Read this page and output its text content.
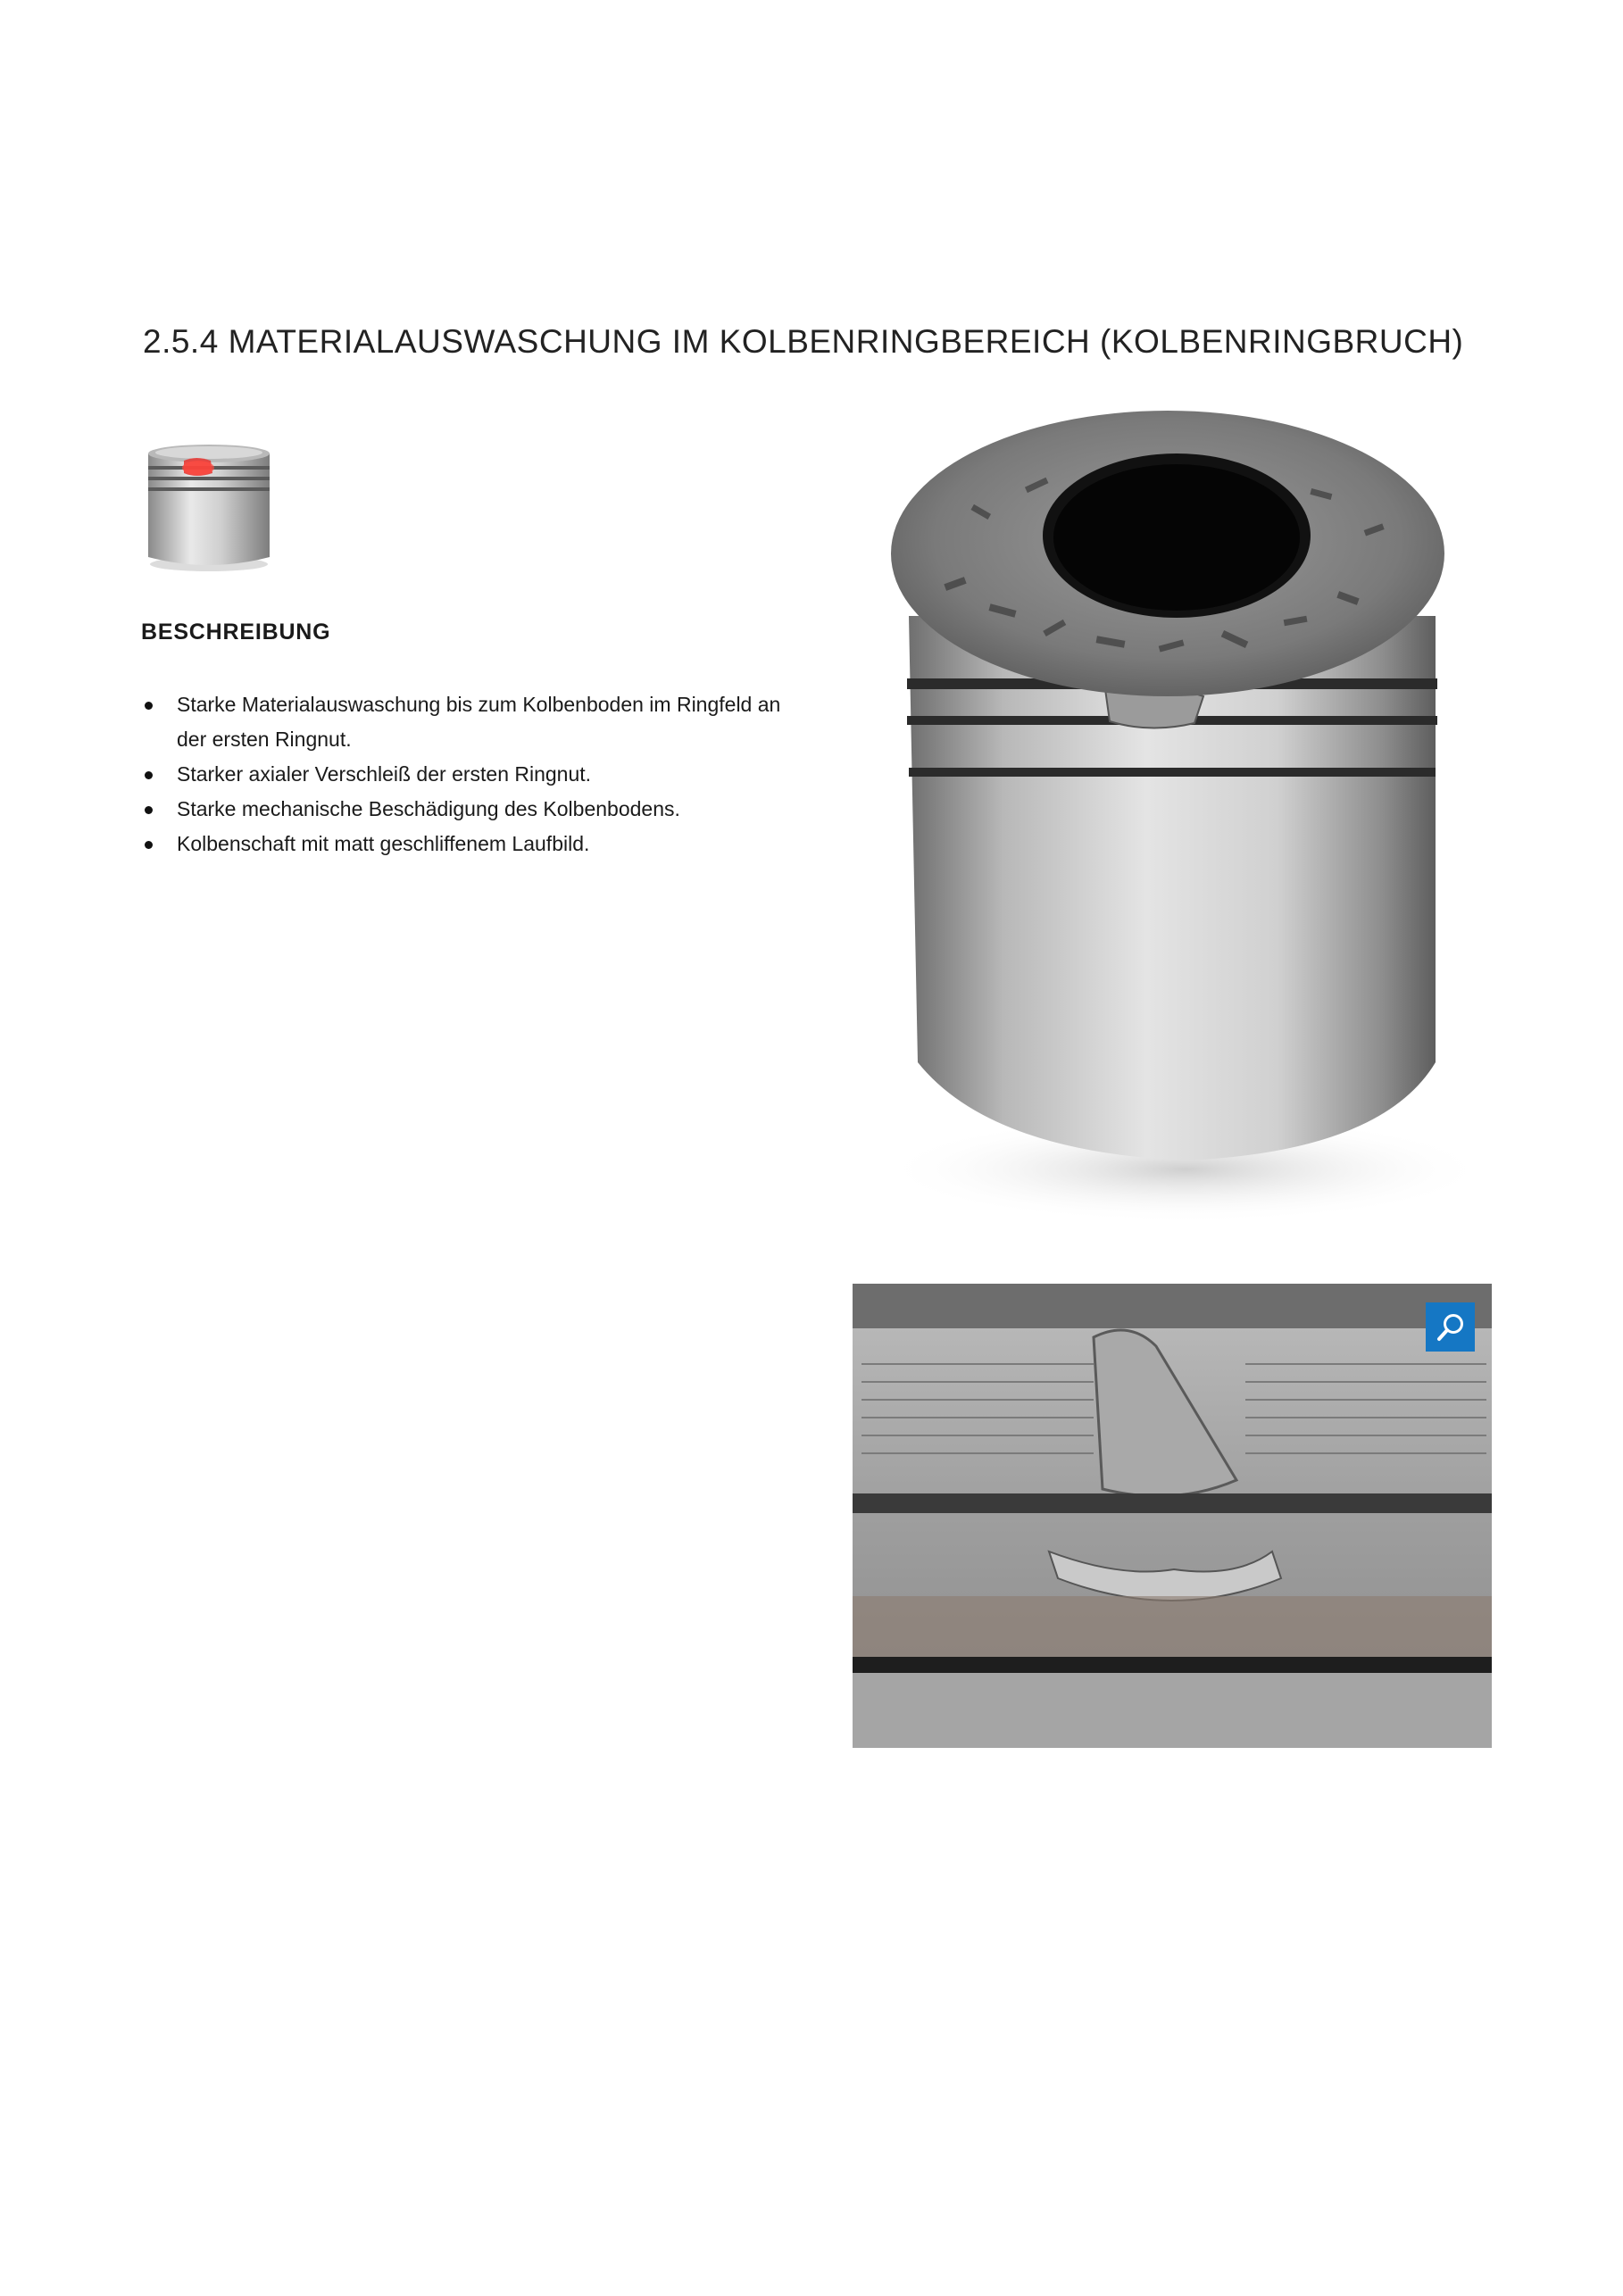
2.5.4 MATERIALAUSWASCHUNG IM KOLBENRINGBEREICH (KOLBENRINGBRUCH)
BESCHREIBUNG
Starke Materialauswaschung bis zum Kolbenboden im Ringfeld an der ersten Ringnut.
Starker axialer Verschleiß der ersten Ringnut.
Starke mechanische Beschädigung des Kolbenbodens.
Kolbenschaft mit matt geschliffenem Laufbild.
